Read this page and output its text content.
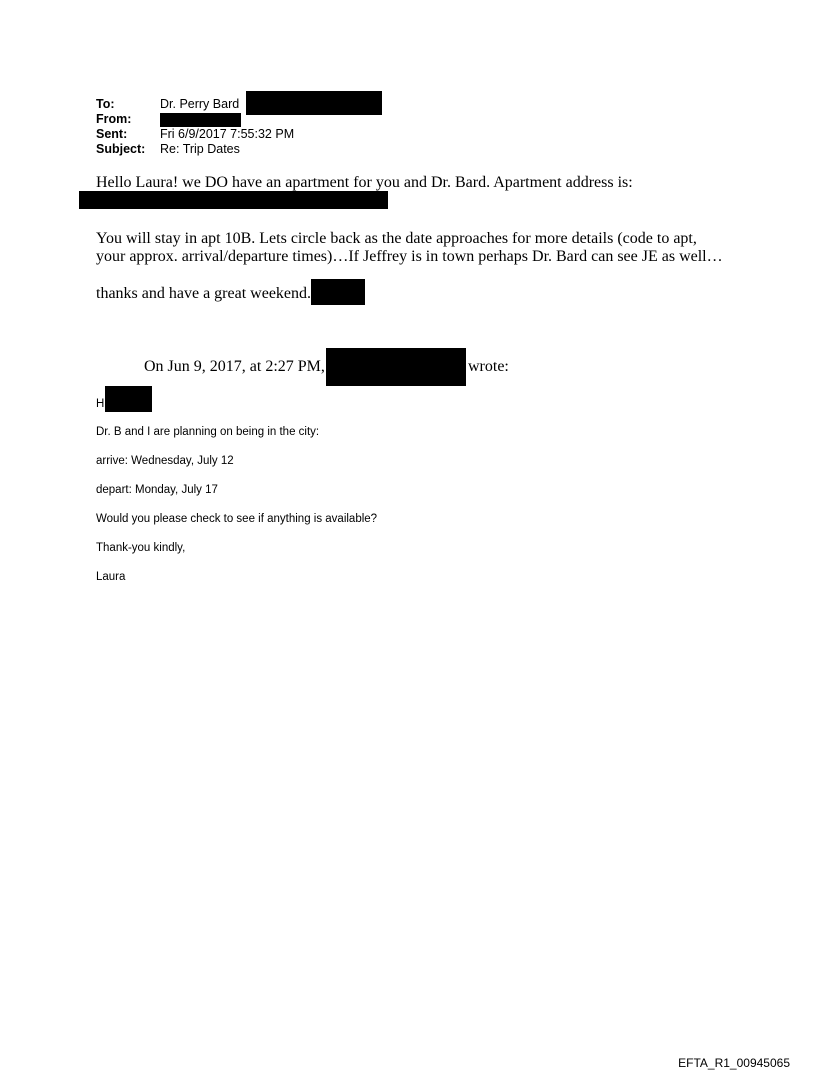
To:	Dr. Perry Bard
From:
Sent:	Fri 6/9/2017 7:55:32 PM
Subject: Re: Trip Dates
Hello Laura! we DO have an apartment for you and Dr. Bard. Apartment address is:
You will stay in apt 10B. Lets circle back as the date approaches for more details (code to apt,
your approx. arrival/departure times)…If Jeffrey is in town perhaps Dr. Bard can see JE as well…
thanks and have a great weekend.
On Jun 9, 2017, at 2:27 PM,	wrote:
H
Dr. B and I are planning on being in the city:
arrive: Wednesday, July 12
depart: Monday, July 17
Would you please check to see if anything is available?
Thank-you kindly,
Laura
EFTA_R1_00945065
